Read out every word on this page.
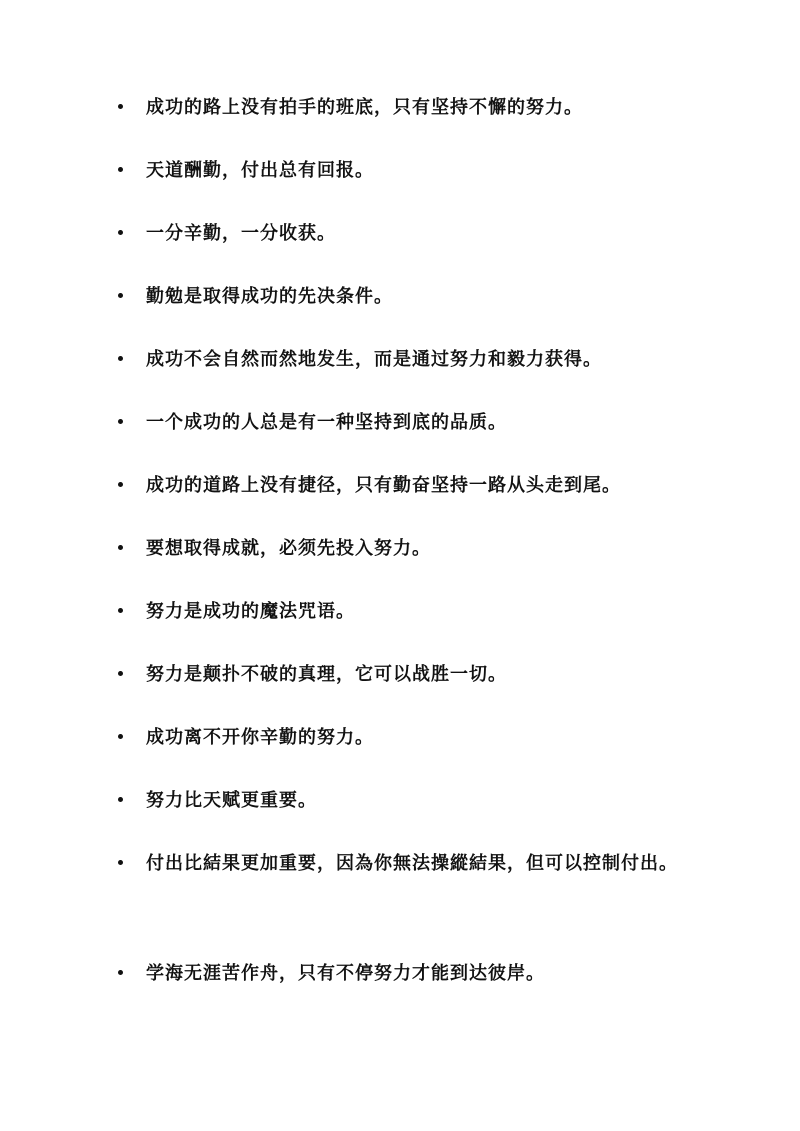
成功的路上没有拍手的班底，只有坚持不懈的努力。
天道酬勤，付出总有回报。
一分辛勤，一分收获。
勤勉是取得成功的先决条件。
成功不会自然而然地发生，而是通过努力和毅力获得。
一个成功的人总是有一种坚持到底的品质。
成功的道路上没有捷径，只有勤奋坚持一路从头走到尾。
要想取得成就，必须先投入努力。
努力是成功的魔法咒语。
努力是颠扑不破的真理，它可以战胜一切。
成功离不开你辛勤的努力。
努力比天赋更重要。
付出比結果更加重要，因為你無法操縱結果，但可以控制付出。
学海无涯苦作舟，只有不停努力才能到达彼岸。
